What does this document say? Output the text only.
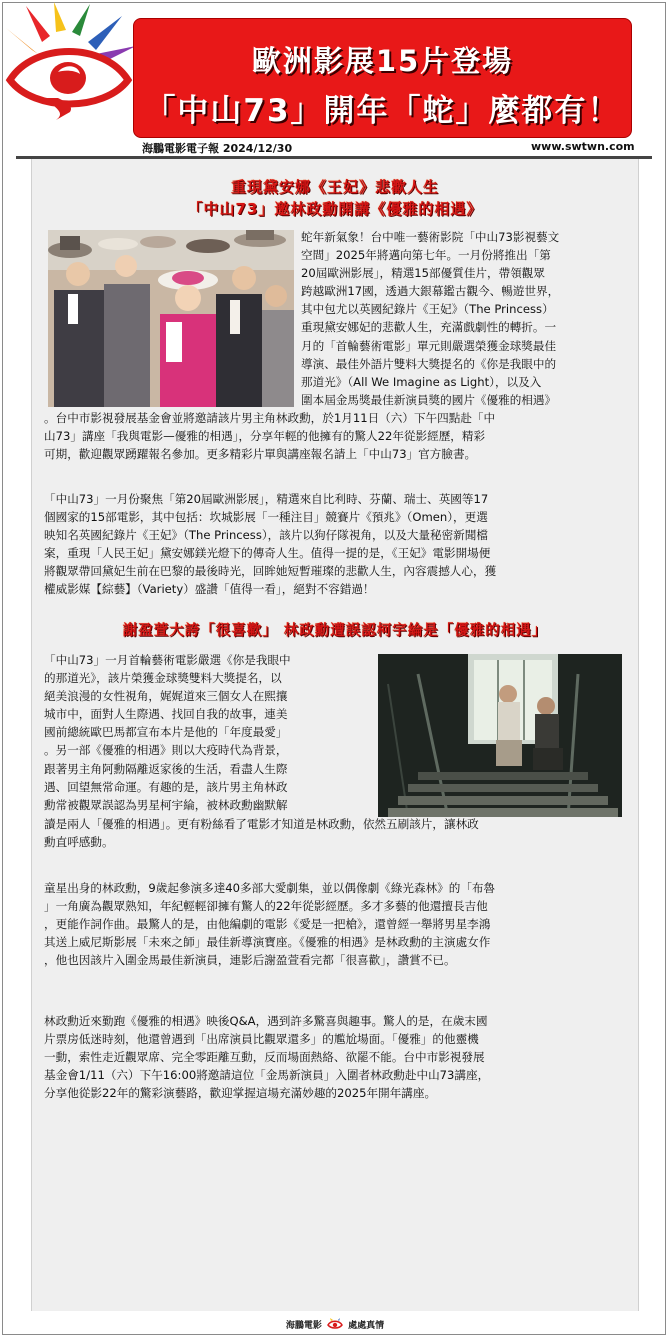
歐洲影展15片登場
「中山73」開年「蛇」麼都有！
海鵬電影電子報 2024/12/30	www.swtwn.com
重現黛安娜《王妃》悲歡人生
「中山73」邀林政勳開講《優雅的相遇》

蛇年新氣象！台中唯一藝術影院「中山73影視藝文

空間」2025年將邁向第七年。一月份將推出「第

20屆歐洲影展」，精選15部優質佳片，帶領觀眾

跨越歐洲17國，透過大銀幕鑑古觀今、暢遊世界，

其中包尤以英國紀錄片《王妃》（The Princess）

重現黛安娜妃的悲歡人生，充滿戲劇性的轉折。一

月的「首輪藝術電影」單元則嚴選榮獲金球獎最佳

導演、最佳外語片雙料大獎提名的《你是我眼中的

那道光》（All We Imagine as Light），以及入

圍本屆金馬獎最佳新演員獎的國片《優雅的相遇》

。台中市影視發展基金會並將邀請該片男主角林政勳，於1月11日（六）下午四點赴「中

山73」講座「我與電影—優雅的相遇」，分享年輕的他擁有的驚人22年從影經歷，精彩

可期，歡迎觀眾踴躍報名參加。更多精彩片單與講座報名請上「中山73」官方臉書。

「中山73」一月份聚焦「第20屆歐洲影展」，精選來自比利時、芬蘭、瑞士、英國等17

個國家的15部電影，其中包括：坎城影展「一種注目」競賽片《預兆》（Omen），更選

映知名英國紀錄片《王妃》（The Princess），該片以狗仔隊視角，以及大量秘密新聞檔

案，重現「人民王妃」黛安娜鎂光燈下的傳奇人生。值得一提的是，《王妃》電影開場便

將觀眾帶回黛妃生前在巴黎的最後時光，回眸她短暫璀璨的悲歡人生，內容震撼人心，獲

權威影媒【綜藝】（Variety）盛讚「值得一看」，絕對不容錯過！

謝盈萱大誇「很喜歡」 林政勳遭誤認柯宇綸是「優雅的相遇」

「中山73」一月首輪藝術電影嚴選《你是我眼中

的那道光》，該片榮獲金球獎雙料大獎提名，以

絕美浪漫的女性視角，娓娓道來三個女人在熙攘

城市中，面對人生際遇、找回自我的故事，連美

國前總統歐巴馬都宣布本片是他的「年度最愛」

。另一部《優雅的相遇》則以大疫時代為背景，

跟著男主角阿勳隔離返家後的生活，看盡人生際

遇、回望無常命運。有趣的是，該片男主角林政

勳常被觀眾誤認為男星柯宇綸，被林政勳幽默解

讀是兩人「優雅的相遇」。更有粉絲看了電影才知道是林政勳，依然五刷該片，讓林政

勳直呼感動。

童星出身的林政勳，9歲起參演多達40多部大愛劇集，並以偶像劇《綠光森林》的「布魯

」一角廣為觀眾熟知，年紀輕輕卻擁有驚人的22年從影經歷。多才多藝的他還擅長吉他

，更能作詞作曲。最驚人的是，由他編劇的電影《愛是一把槍》，還曾經一舉將男星李鴻

其送上威尼斯影展「未來之師」最佳新導演寶座。《優雅的相遇》是林政勳的主演處女作

，他也因該片入圍金馬最佳新演員，連影后謝盈萱看完都「很喜歡」，讚賞不已。

林政勳近來勤跑《優雅的相遇》映後Q&A，遇到許多驚喜與趣事。驚人的是，在歲末國

片票房低迷時刻，他還曾遇到「出席演員比觀眾還多」的尷尬場面。「優雅」的他靈機

一動，索性走近觀眾席、完全零距離互動，反而場面熱絡、欲罷不能。台中市影視發展

基金會1/11（六）下午16:00將邀請這位「金馬新演員」入圍者林政勳赴中山73講座，

分享他從影22年的驚彩演藝路，歡迎掌握這場充滿妙趣的2025年開年講座。

海鵬電影	處處真情
